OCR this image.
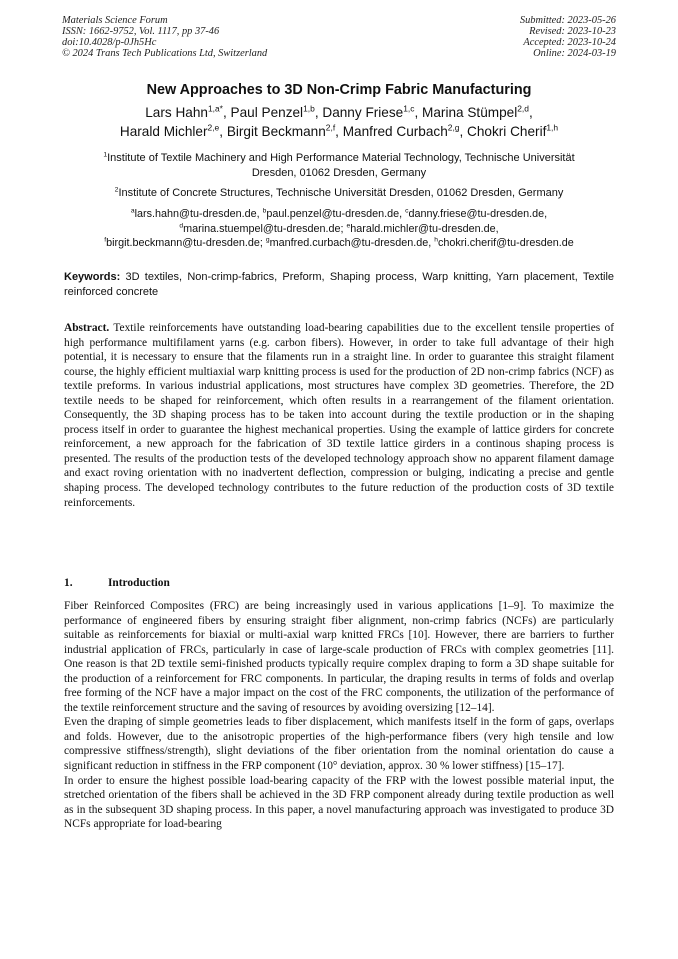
Materials Science Forum
ISSN: 1662-9752, Vol. 1117, pp 37-46
doi:10.4028/p-0Jh5Hc
© 2024 Trans Tech Publications Ltd, Switzerland
Submitted: 2023-05-26
Revised: 2023-10-23
Accepted: 2023-10-24
Online: 2024-03-19
New Approaches to 3D Non-Crimp Fabric Manufacturing
Lars Hahn$^{1,a*}$, Paul Penzel$^{1,b}$, Danny Friese$^{1,c}$, Marina Stümpel$^{2,d}$,
Harald Michler$^{2,e}$, Birgit Beckmann$^{2,f}$, Manfred Curbach$^{2,g}$, Chokri Cherif$^{1,h}$
$^1$Institute of Textile Machinery and High Performance Material Technology, Technische Universität
Dresden, 01062 Dresden, Germany
$^2$Institute of Concrete Structures, Technische Universität Dresden, 01062 Dresden, Germany
$^a$lars.hahn@tu-dresden.de, $^b$paul.penzel@tu-dresden.de, $^c$danny.friese@tu-dresden.de,
$^d$marina.stuempel@tu-dresden.de; $^e$harald.michler@tu-dresden.de,
$^f$birgit.beckmann@tu-dresden.de; $^g$manfred.curbach@tu-dresden.de, $^h$chokri.cherif@tu-dresden.de
Keywords: 3D textiles, Non-crimp-fabrics, Preform, Shaping process, Warp knitting, Yarn placement, Textile reinforced concrete
Abstract. Textile reinforcements have outstanding load-bearing capabilities due to the excellent tensile properties of high performance multifilament yarns (e.g. carbon fibers). However, in order to take full advantage of their high potential, it is necessary to ensure that the filaments run in a straight line. In order to guarantee this straight filament course, the highly efficient multiaxial warp knitting process is used for the production of 2D non-crimp fabrics (NCF) as textile preforms. In various industrial applications, most structures have complex 3D geometries. Therefore, the 2D textile needs to be shaped for reinforcement, which often results in a rearrangement of the filament orientation. Consequently, the 3D shaping process has to be taken into account during the textile production or in the shaping process itself in order to guarantee the highest mechanical properties. Using the example of lattice girders for concrete reinforcement, a new approach for the fabrication of 3D textile lattice girders in a continous shaping process is presented. The results of the production tests of the developed technology approach show no apparent filament damage and exact roving orientation with no inadvertent deflection, compression or bulging, indicating a precise and gentle shaping process. The developed technology contributes to the future reduction of the production costs of 3D textile reinforcements.
1.	Introduction

Fiber Reinforced Composites (FRC) are being increasingly used in various applications [1–9]. To maximize the performance of engineered fibers by ensuring straight fiber alignment, non-crimp fabrics (NCFs) are particularly suitable as reinforcements for biaxial or multi-axial warp knitted FRCs [10]. However, there are barriers to further industrial application of FRCs, particularly in case of large-scale production of FRCs with complex geometries [11]. One reason is that 2D textile semi-finished products typically require complex draping to form a 3D shape suitable for the production of a reinforcement for FRC components. In particular, the draping results in terms of folds and overlap free forming of the NCF have a major impact on the cost of the FRC components, the utilization of the performance of the textile reinforcement structure and the saving of resources by avoiding oversizing [12–14].

Even the draping of simple geometries leads to fiber displacement, which manifests itself in the form of gaps, overlaps and folds. However, due to the anisotropic properties of the high-performance fibers (very high tensile and low compressive stiffness/strength), slight deviations of the fiber orientation from the nominal orientation do cause a significant reduction in stiffness in the FRP component (10° deviation, approx. 30 % lower stiffness) [15–17].

In order to ensure the highest possible load-bearing capacity of the FRP with the lowest possible material input, the stretched orientation of the fibers shall be achieved in the 3D FRP component already during textile production as well as in the subsequent 3D shaping process. In this paper, a novel manufacturing approach was investigated to produce 3D NCFs appropriate for load-bearing
